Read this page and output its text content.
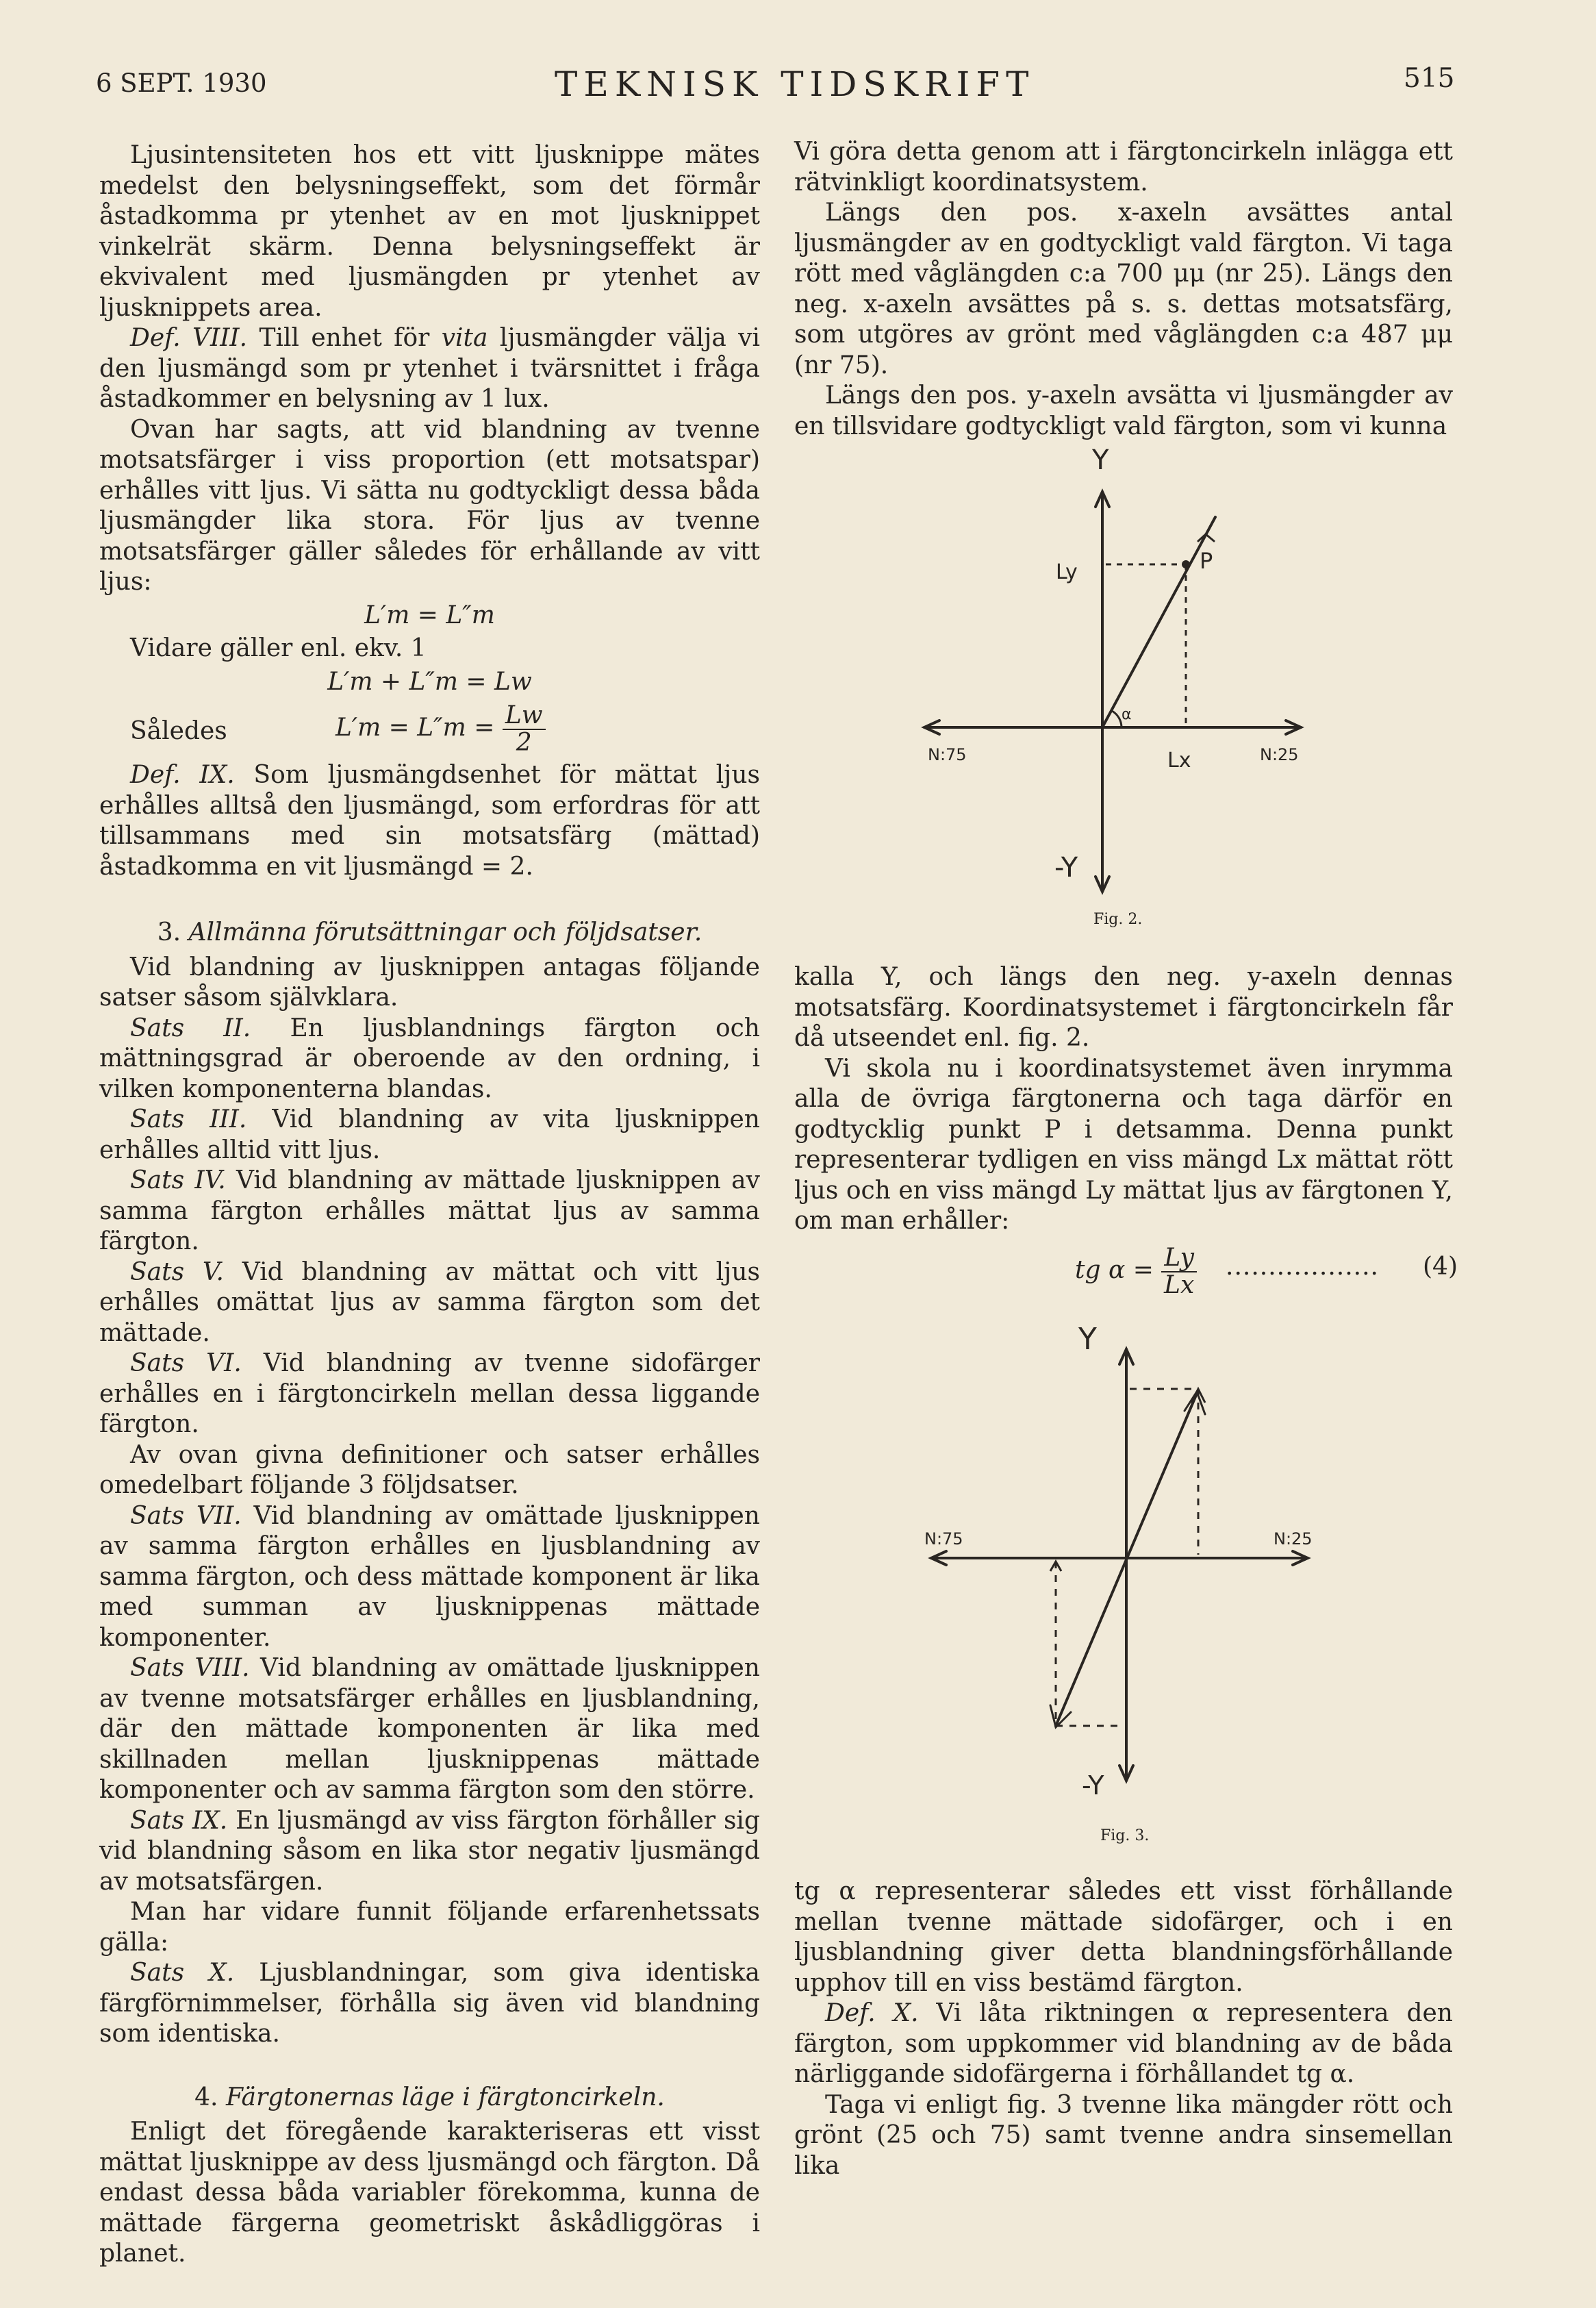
6 SEPT. 1930	TEKNISK TIDSKRIFT	515

Ljusintensiteten hos ett vitt ljusknippe mätes medelst den belysningseffekt, som det förmår åstadkomma pr ytenhet av en mot ljusknippet vinkelrät skärm. Denna belysningseffekt är ekvivalent med ljusmängden pr ytenhet av ljusknippets area.

Def. VIII. Till enhet för vita ljusmängder välja vi den ljusmängd som pr ytenhet i tvärsnittet i fråga åstadkommer en belysning av 1 lux.

Ovan har sagts, att vid blandning av tvenne motsatsfärger i viss proportion (ett motsatspar) erhålles vitt ljus. Vi sätta nu godtyckligt dessa båda ljusmängder lika stora. För ljus av tvenne motsatsfärger gäller således för erhållande av vitt ljus:

L′m = L″m

Vidare gäller enl. ekv. 1

L′m + L″m = Lw

Således	$L'm = L''m = \frac{Lw}{2}$

Def. IX. Som ljusmängdsenhet för mättat ljus erhålles alltså den ljusmängd, som erfordras för att tillsammans med sin motsatsfärg (mättad) åstadkomma en vit ljusmängd = 2.

3. Allmänna förutsättningar och följdsatser.

Vid blandning av ljusknippen antagas följande satser såsom självklara.

Sats II. En ljusblandnings färgton och mättningsgrad är oberoende av den ordning, i vilken komponenterna blandas.

Sats III. Vid blandning av vita ljusknippen erhålles alltid vitt ljus.

Sats IV. Vid blandning av mättade ljusknippen av samma färgton erhålles mättat ljus av samma färgton.

Sats V. Vid blandning av mättat och vitt ljus erhålles omättat ljus av samma färgton som det mättade.

Sats VI. Vid blandning av tvenne sidofärger erhålles en i färgtoncirkeln mellan dessa liggande färgton.

Av ovan givna definitioner och satser erhålles omedelbart följande 3 följdsatser.

Sats VII. Vid blandning av omättade ljusknippen av samma färgton erhålles en ljusblandning av samma färgton, och dess mättade komponent är lika med summan av ljusknippenas mättade komponenter.

Sats VIII. Vid blandning av omättade ljusknippen av tvenne motsatsfärger erhålles en ljusblandning, där den mättade komponenten är lika med skillnaden mellan ljusknippenas mättade komponenter och av samma färgton som den större.

Sats IX. En ljusmängd av viss färgton förhåller sig vid blandning såsom en lika stor negativ ljusmängd av motsatsfärgen.

Man har vidare funnit följande erfarenhetssats gälla:

Sats X. Ljusblandningar, som giva identiska färgförnimmelser, förhålla sig även vid blandning som identiska.

4. Färgtonernas läge i färgtoncirkeln.

Enligt det föregående karakteriseras ett visst mättat ljusknippe av dess ljusmängd och färgton. Då endast dessa båda variabler förekomma, kunna de mättade färgerna geometriskt åskådliggöras i planet.

Vi göra detta genom att i färgtoncirkeln inlägga ett rätvinkligt koordinatsystem.

Längs den pos. x-axeln avsättes antal ljusmängder av en godtyckligt vald färgton. Vi taga rött med våglängden c:a 700 μμ (nr 25). Längs den neg. x-axeln avsättes på s. s. dettas motsatsfärg, som utgöres av grönt med våglängden c:a 487 μμ (nr 75).

Längs den pos. y-axeln avsätta vi ljusmängder av en tillsvidare godtyckligt vald färgton, som vi kunna

Y
-Y
Ly
Lx
P
α
N:75	N:25
Fig. 2.

kalla Y, och längs den neg. y-axeln dennas motsatsfärg. Koordinatsystemet i färgtoncirkeln får då utseendet enl. fig. 2.

Vi skola nu i koordinatsystemet även inrymma alla de övriga färgtonerna och taga därför en godtycklig punkt P i detsamma. Denna punkt representerar tydligen en viss mängd Lx mättat rött ljus och en viss mängd Ly mättat ljus av färgtonen Y, om man erhåller:

tg $\alpha = \frac{Ly}{Lx}$ .................. (4)
Y
-Y
N:75	N:25
Fig. 3.

tg α representerar således ett visst förhållande mellan tvenne mättade sidofärger, och i en ljusblandning giver detta blandningsförhållande upphov till en viss bestämd färgton.

Def. X. Vi låta riktningen α representera den färgton, som uppkommer vid blandning av de båda närliggande sidofärgerna i förhållandet tg α.

Taga vi enligt fig. 3 tvenne lika mängder rött och grönt (25 och 75) samt tvenne andra sinsemellan lika
